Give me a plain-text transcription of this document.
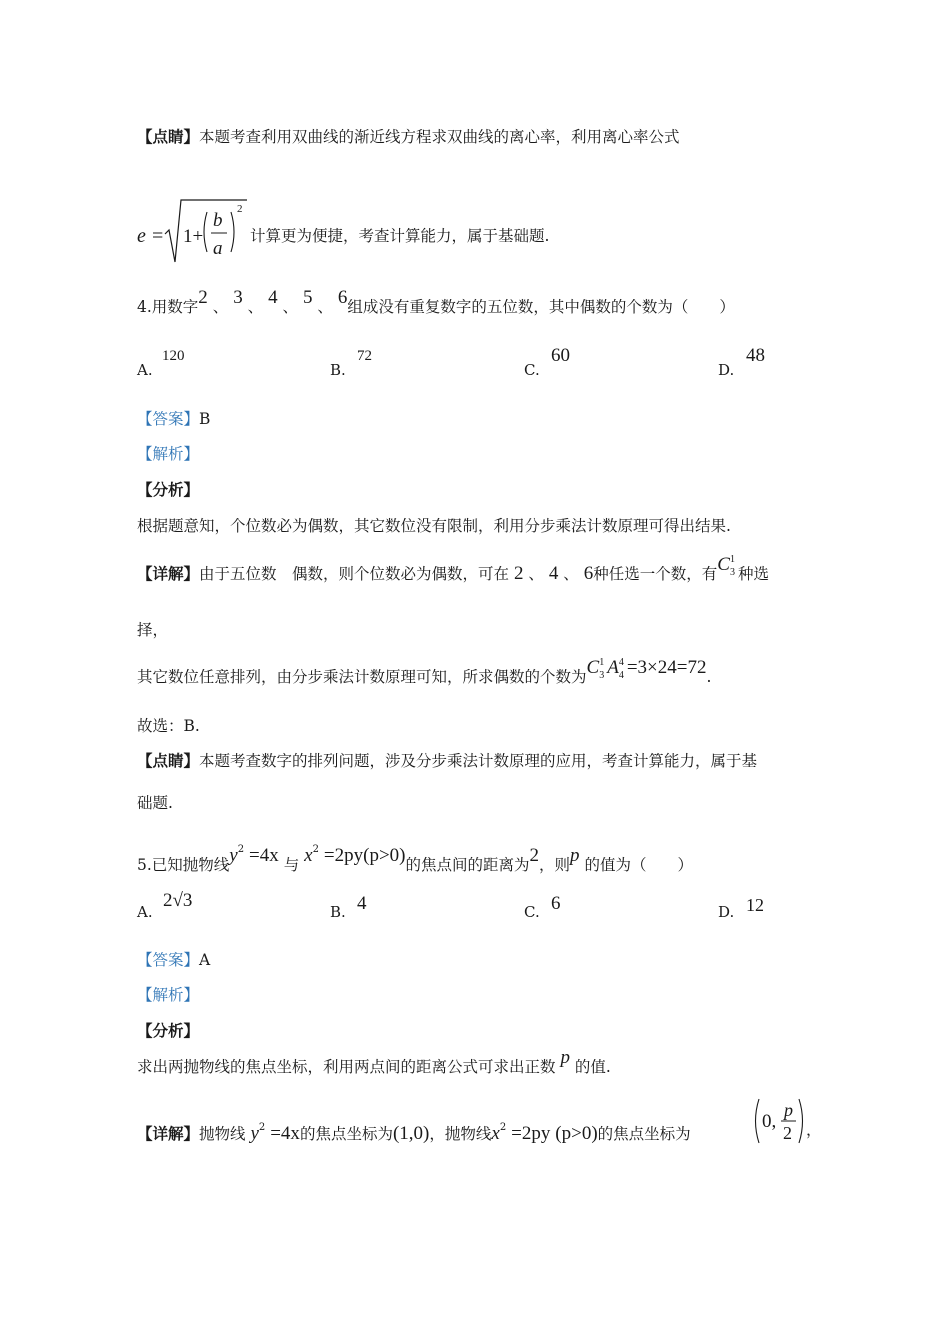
【点睛】本题考查利用双曲线的渐近线方程求双曲线的离心率，利用离心率公式
e = 1+
b
a
2
计算更为便捷，考查计算能力，属于基础题.
4.用数字2 、 3 、 4 、 5 、 6组成没有重复数字的五位数，其中偶数的个数为（　　）
A.
120
B.
72
C.
60
D.
48
【答案】B
【解析】
【分析】
根据题意知，个位数必为偶数，其它数位没有限制，利用分步乘法计数原理可得出结果.
【详解】由于五位数　偶数，则个位数必为偶数，可在 2 、 4 、 6种任选一个数，有C 1
3 种选
择，
其它数位任意排列，由分步乘法计数原理可知，所求偶数的个数为C 1
3 A 4
4 =3×24=72.
故选：B.
【点睛】本题考查数字的排列问题，涉及分步乘法计数原理的应用，考查计算能力，属于基
础题.
5.已知抛物线$y^2 =4x$ 与 $x^2 =2py(p>0)$的焦点间的距离为2，则p 的值为（　　）
A.
2√3
B. 4	C. 6	D. 12
【答案】A
【解析】
【分析】
求出两抛物线的焦点坐标，利用两点间的距离公式可求出正数 p 的值.
【详解】抛物线 $y^2 =4x$的焦点坐标为(1,0)，抛物线$x^2 =2py$ (p>0)的焦点坐标为
0,
p
2 ，
